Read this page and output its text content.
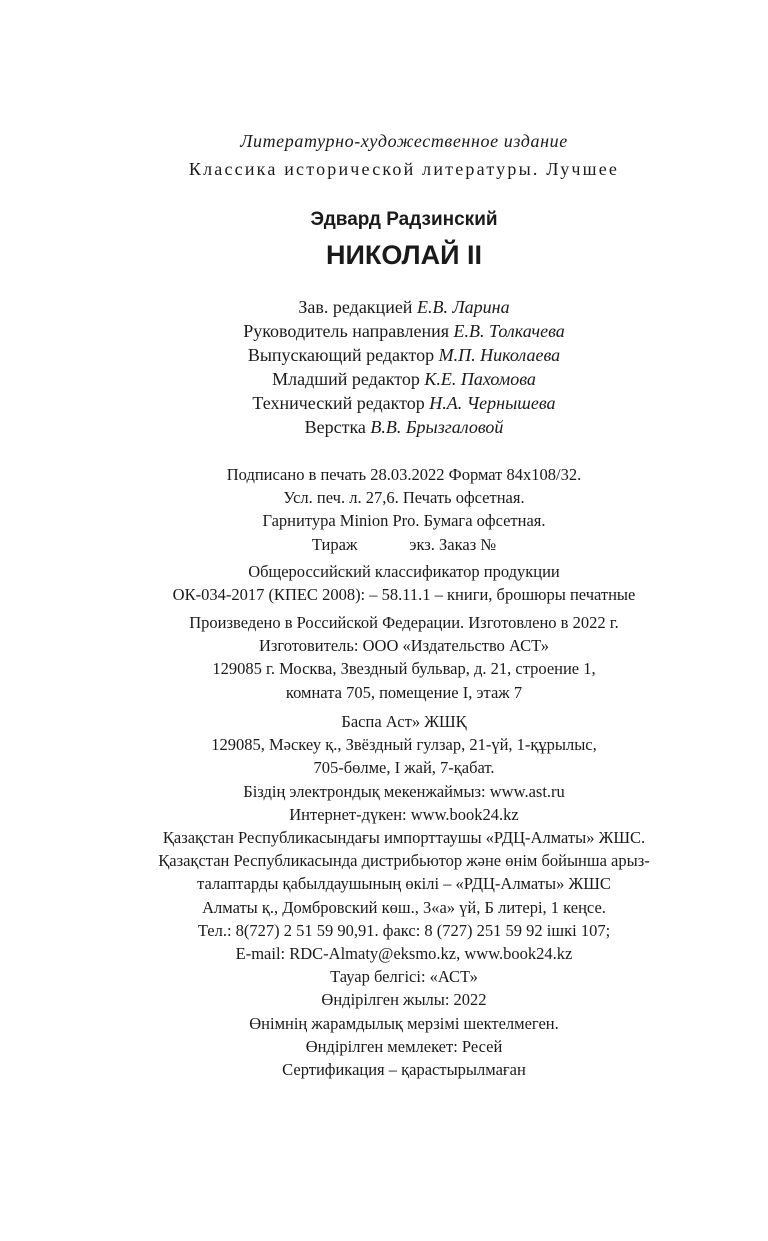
Литературно-художественное издание
Классика исторической литературы. Лучшее
Эдвард Радзинский
НИКОЛАЙ II
Зав. редакцией Е.В. Ларина
Руководитель направления Е.В. Толкачева
Выпускающий редактор М.П. Николаева
Младший редактор К.Е. Пахомова
Технический редактор Н.А. Чернышева
Верстка В.В. Брызгаловой
Подписано в печать 28.03.2022 Формат 84x108/32.
Усл. печ. л. 27,6. Печать офсетная.
Гарнитура Minion Pro. Бумага офсетная.
Тираж	экз. Заказ №
Общероссийский классификатор продукции
ОК-034-2017 (КПЕС 2008): – 58.11.1 – книги, брошюры печатные
Произведено в Российской Федерации. Изготовлено в 2022 г.
Изготовитель: ООО «Издательство АСТ»
129085 г. Москва, Звездный бульвар, д. 21, строение 1,
комната 705, помещение I, этаж 7
Баспа Аст» ЖШҚ
129085, Мәскеу қ., Звёздный гулзар, 21-үй, 1-құрылыс,
705-бөлме, I жай, 7-қабат.
Біздің электрондық мекенжаймыз: www.ast.ru
Интернет-дүкен: www.book24.kz
Қазақстан Республикасындағы импорттаушы «РДЦ-Алматы» ЖШС.
Қазақстан Республикасында дистрибьютор және өнім бойынша арыз-
талаптарды қабылдаушының өкілі – «РДЦ-Алматы» ЖШС
Алматы қ., Домбровский көш., 3«а» үй, Б литері, 1 кеңсе.
Тел.: 8(727) 2 51 59 90,91. факс: 8 (727) 251 59 92 ішкі 107;
E-mail: RDC-Almaty@eksmo.kz, www.book24.kz
Тауар белгісі: «АСТ»
Өндірілген жылы: 2022
Өнімнің жарамдылық мерзімі шектелмеген.
Өндірілген мемлекет: Ресей
Сертификация – қарастырылмаған
